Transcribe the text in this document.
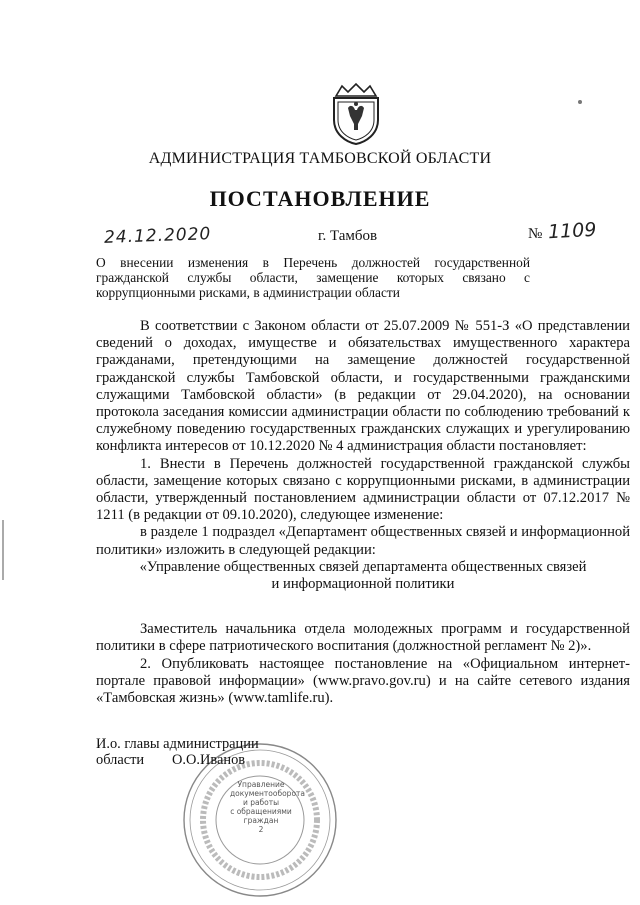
АДМИНИСТРАЦИЯ ТАМБОВСКОЙ ОБЛАСТИ
ПОСТАНОВЛЕНИЕ
24.12.2020	г. Тамбов	№ 1109
О внесении изменения в Перечень должностей государственной гражданской службы области, замещение которых связано с коррупционными рисками, в администрации области

В соответствии с Законом области от 25.07.2009 № 551-З «О представлении сведений о доходах, имуществе и обязательствах имущественного характера гражданами, претендующими на замещение должностей государственной гражданской службы Тамбовской области, и государственными гражданскими служащими Тамбовской области» (в редакции от 29.04.2020), на основании протокола заседания комиссии администрации области по соблюдению требований к служебному поведению государственных гражданских служащих и урегулированию конфликта интересов от 10.12.2020 № 4 администрация области постановляет:

1. Внести в Перечень должностей государственной гражданской службы области, замещение которых связано с коррупционными рисками, в администрации области, утвержденный постановлением администрации области от 07.12.2017 № 1211 (в редакции от 09.10.2020), следующее изменение:

в разделе 1 подраздел «Департамент общественных связей и информационной политики» изложить в следующей редакции:

«Управление общественных связей департамента общественных связей

и информационной политики

Заместитель начальника отдела молодежных программ и государственной политики в сфере патриотического воспитания (должностной регламент № 2)».

2. Опубликовать настоящее постановление на «Официальном интернет-портале правовой информации» (www.pravo.gov.ru) и на сайте сетевого издания «Тамбовская жизнь» (www.tamlife.ru).

Управление
документооборота
и работы
с обращениями
граждан
2
И.о. главы администрации
области О.О.Иванов
